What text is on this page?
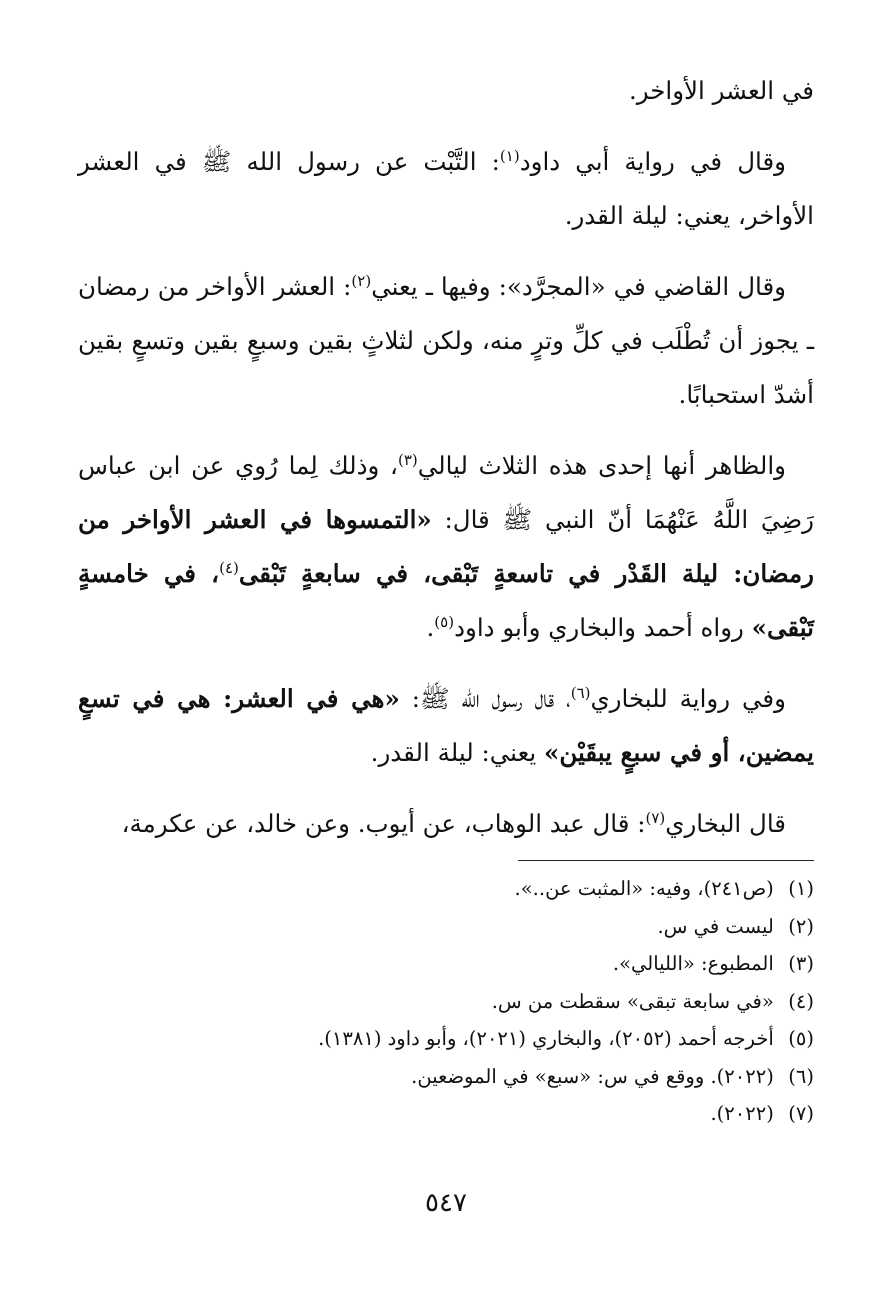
في العشر الأواخر.

وقال في رواية أبي داود$^{(١)}$: التَّبْت عن رسول الله ﷺ في العشر الأواخر، يعني: ليلة القدر.

وقال القاضي في «المجرَّد»: وفيها ـ يعني$^{(٢)}$: العشر الأواخر من رمضان ـ يجوز أن تُطْلَب في كلِّ وترٍ منه، ولكن لثلاثٍ بقين وسبعٍ بقين وتسعٍ بقين أشدّ استحبابًا.

والظاهر أنها إحدى هذه الثلاث ليالي$^{(٣)}$، وذلك لِما رُوي عن ابن عباس رَضِيَ اللَّهُ عَنْهُمَا أنّ النبي ﷺ قال: «التمسوها في العشر الأواخر من رمضان: ليلة القَدْر في تاسعةٍ تَبْقى، في سابعةٍ تَبْقى$^{(٤)}$، في خامسةٍ تَبْقى» رواه أحمد والبخاري وأبو داود$^{(٥)}$.

وفي رواية للبخاري$^{(٦)}$، قال رسول الله ﷺ: «هي في العشر: هي في تسعٍ يمضين، أو في سبعٍ يبقَيْن» يعني: ليلة القدر.

قال البخاري$^{(٧)}$: قال عبد الوهاب، عن أيوب. وعن خالد، عن عكرمة،

(١) (ص٢٤١)، وفيه: «المثبت عن..».
(٢) ليست في س.
(٣) المطبوع: «الليالي».
(٤) «في سابعة تبقى» سقطت من س.
(٥) أخرجه أحمد (٢٠٥٢)، والبخاري (٢٠٢١)، وأبو داود (١٣٨١).
(٦) (٢٠٢٢). ووقع في س: «سبع» في الموضعين.
(٧) (٢٠٢٢).
٥٤٧
